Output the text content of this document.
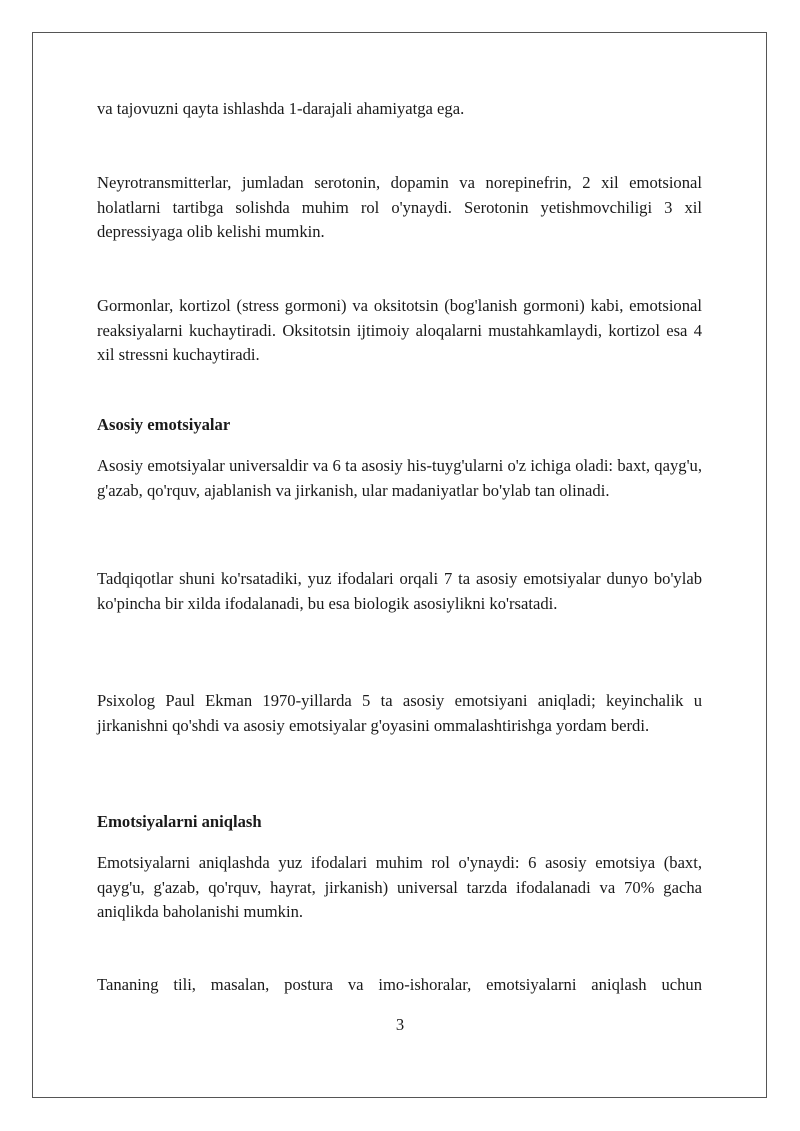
va tajovuzni qayta ishlashda 1-darajali ahamiyatga ega.

Neyrotransmitterlar, jumladan serotonin, dopamin va norepinefrin, 2 xil emotsional holatlarni tartibga solishda muhim rol o'ynaydi. Serotonin yetishmovchiligi 3 xil depressiyaga olib kelishi mumkin.

Gormonlar, kortizol (stress gormoni) va oksitotsin (bog'lanish gormoni) kabi, emotsional reaksiyalarni kuchaytiradi. Oksitotsin ijtimoiy aloqalarni mustahkamlaydi, kortizol esa 4 xil stressni kuchaytiradi.

Asosiy emotsiyalar

Asosiy emotsiyalar universaldir va 6 ta asosiy his-tuyg'ularni o'z ichiga oladi: baxt, qayg'u, g'azab, qo'rquv, ajablanish va jirkanish, ular madaniyatlar bo'ylab tan olinadi.

Tadqiqotlar shuni ko'rsatadiki, yuz ifodalari orqali 7 ta asosiy emotsiyalar dunyo bo'ylab ko'pincha bir xilda ifodalanadi, bu esa biologik asosiylikni ko'rsatadi.

Psixolog Paul Ekman 1970-yillarda 5 ta asosiy emotsiyani aniqladi; keyinchalik u jirkanishni qo'shdi va asosiy emotsiyalar g'oyasini ommalashtirishga yordam berdi.

Emotsiyalarni aniqlash

Emotsiyalarni aniqlashda yuz ifodalari muhim rol o'ynaydi: 6 asosiy emotsiya (baxt, qayg'u, g'azab, qo'rquv, hayrat, jirkanish) universal tarzda ifodalanadi va 70% gacha aniqlikda baholanishi mumkin.

Tananing tili, masalan, postura va imo-ishoralar, emotsiyalarni aniqlash uchun

3
